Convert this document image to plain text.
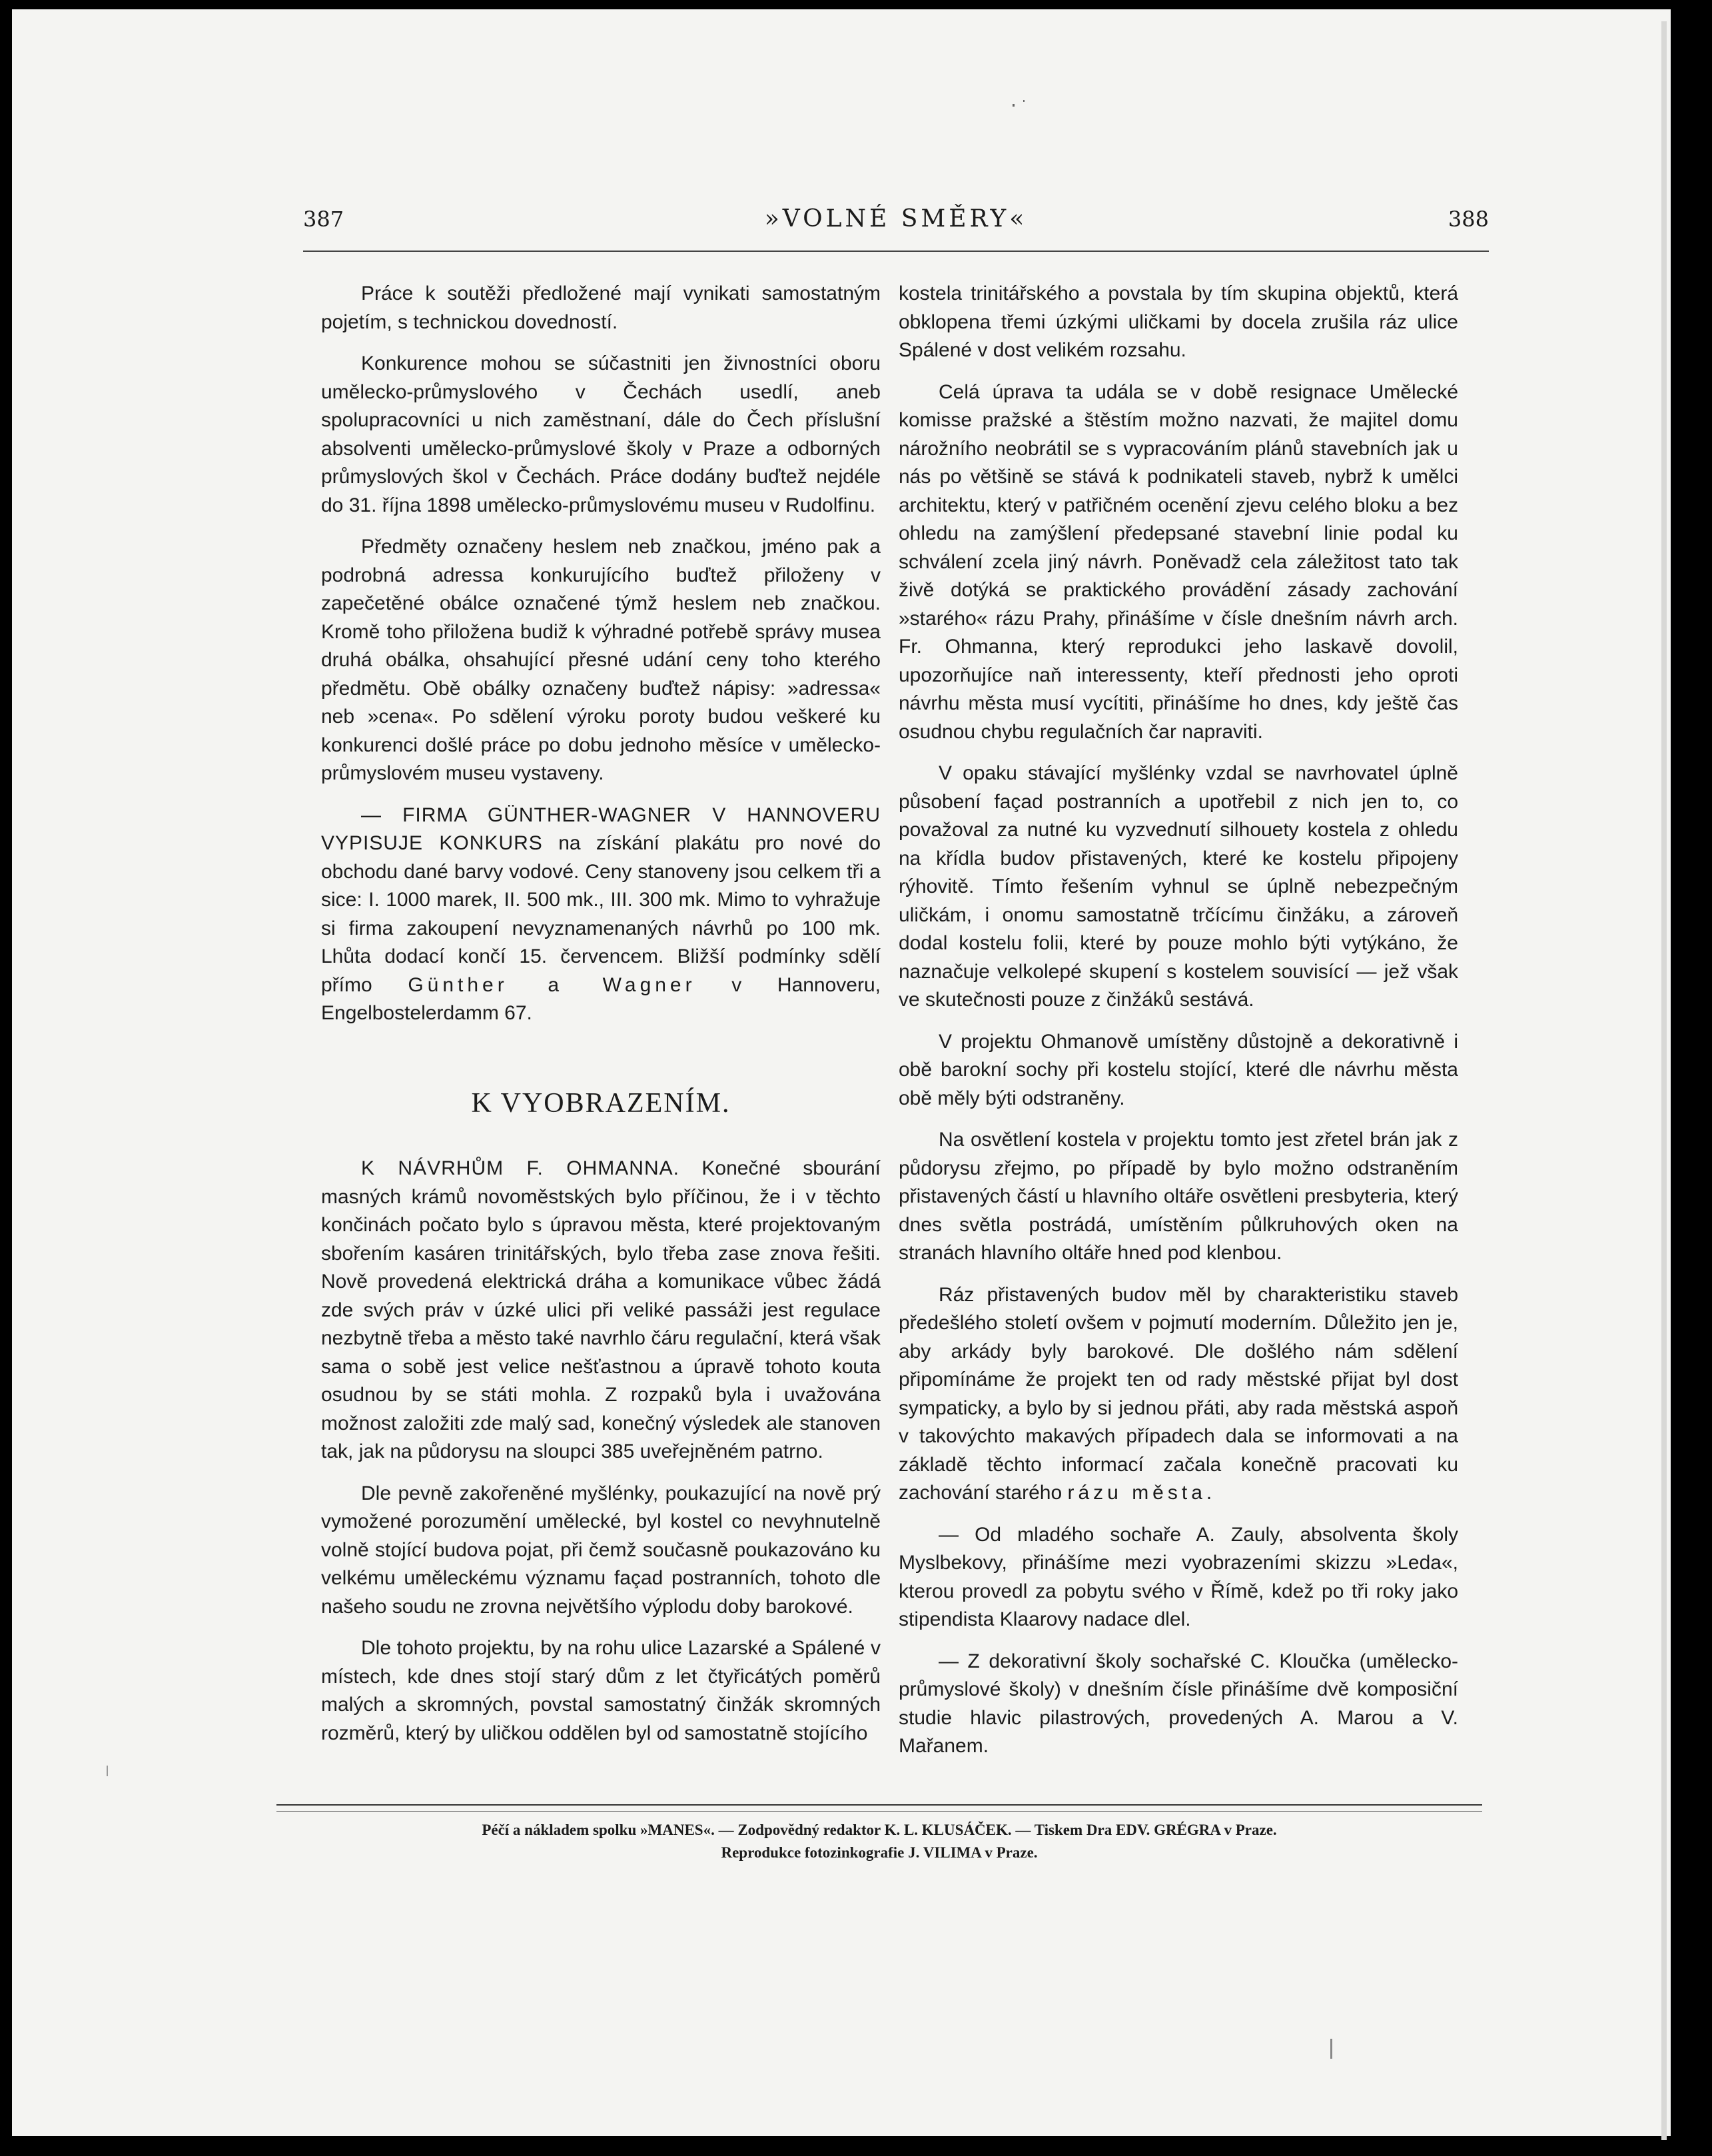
387	»VOLNÉ SMĚRY«	388

Práce k soutěži předložené mají vynikati samostatným pojetím, s technickou dovedností.

Konkurence mohou se súčastniti jen živnostníci oboru umělecko-průmyslového v Čechách usedlí, aneb spolupracovníci u nich zaměstnaní, dále do Čech příslušní absolventi umělecko-průmyslové školy v Praze a odborných průmyslových škol v Čechách. Práce dodány buďtež nejdéle do 31. října 1898 umělecko-průmyslovému museu v Rudolfinu.

Předměty označeny heslem neb značkou, jméno pak a podrobná adressa konkurujícího buďtež přiloženy v zapečetěné obálce označené týmž heslem neb značkou. Kromě toho přiložena budiž k výhradné potřebě správy musea druhá obálka, ohsahující přesné udání ceny toho kterého předmětu. Obě obálky označeny buďtež nápisy: »adressa« neb »cena«. Po sdělení výroku poroty budou veškeré ku konkurenci došlé práce po dobu jednoho měsíce v umělecko-průmyslovém museu vystaveny.

— FIRMA GÜNTHER-WAGNER V HANNOVERU VYPISUJE KONKURS na získání plakátu pro nové do obchodu dané barvy vodové. Ceny stanoveny jsou celkem tři a sice: I. 1000 marek, II. 500 mk., III. 300 mk. Mimo to vyhražuje si firma zakoupení nevyznamenaných návrhů po 100 mk. Lhůta dodací končí 15. červencem. Bližší podmínky sdělí přímo Günther a Wagner v Hannoveru, Engelbostelerdamm 67.

K VYOBRAZENÍM.

K NÁVRHŮM F. OHMANNA. Konečné sbourání masných krámů novoměstských bylo příčinou, že i v těchto končinách počato bylo s úpravou města, které projektovaným sbořením kasáren trinitářských, bylo třeba zase znova řešiti. Nově provedená elektrická dráha a komunikace vůbec žádá zde svých práv v úzké ulici při veliké passáži jest regulace nezbytně třeba a město také navrhlo čáru regulační, která však sama o sobě jest velice nešťastnou a úpravě tohoto kouta osudnou by se státi mohla. Z rozpaků byla i uvažována možnost založiti zde malý sad, konečný výsledek ale stanoven tak, jak na půdorysu na sloupci 385 uveřejněném patrno.

Dle pevně zakořeněné myšlénky, poukazující na nově prý vymožené porozumění umělecké, byl kostel co nevyhnutelně volně stojící budova pojat, při čemž současně poukazováno ku velkému uměleckému významu façad postranních, tohoto dle našeho soudu ne zrovna největšího výplodu doby barokové.

Dle tohoto projektu, by na rohu ulice Lazarské a Spálené v místech, kde dnes stojí starý dům z let čtyřicátých poměrů malých a skromných, povstal samostatný činžák skromných rozměrů, který by uličkou oddělen byl od samostatně stojícího

kostela trinitářského a povstala by tím skupina objektů, která obklopena třemi úzkými uličkami by docela zrušila ráz ulice Spálené v dost velikém rozsahu.

Celá úprava ta udála se v době resignace Umělecké komisse pražské a štěstím možno nazvati, že majitel domu nárožního neobrátil se s vypracováním plánů stavebních jak u nás po většině se stává k podnikateli staveb, nybrž k umělci architektu, který v patřičném ocenění zjevu celého bloku a bez ohledu na zamýšlení předepsané stavební linie podal ku schválení zcela jiný návrh. Poněvadž cela záležitost tato tak živě dotýká se praktického provádění zásady zachování »starého« rázu Prahy, přinášíme v čísle dnešním návrh arch. Fr. Ohmanna, který reprodukci jeho laskavě dovolil, upozorňujíce naň interessenty, kteří přednosti jeho oproti návrhu města musí vycítiti, přinášíme ho dnes, kdy ještě čas osudnou chybu regulačních čar napraviti.

V opaku stávající myšlénky vzdal se navrhovatel úplně působení façad postranních a upotřebil z nich jen to, co považoval za nutné ku vyzvednutí silhouety kostela z ohledu na křídla budov přistavených, které ke kostelu připojeny rýhovitě. Tímto řešením vyhnul se úplně nebezpečným uličkám, i onomu samostatně trčícímu činžáku, a zároveň dodal kostelu folii, které by pouze mohlo býti vytýkáno, že naznačuje velkolepé skupení s kostelem souvisící — jež však ve skutečnosti pouze z činžáků sestává.

V projektu Ohmanově umístěny důstojně a dekorativně i obě barokní sochy při kostelu stojící, které dle návrhu města obě měly býti odstraněny.

Na osvětlení kostela v projektu tomto jest zřetel brán jak z půdorysu zřejmo, po případě by bylo možno odstraněním přistavených částí u hlavního oltáře osvětleni presbyteria, který dnes světla postrádá, umístěním půlkruhových oken na stranách hlavního oltáře hned pod klenbou.

Ráz přistavených budov měl by charakteristiku staveb předešlého století ovšem v pojmutí moderním. Důležito jen je, aby arkády byly barokové. Dle došlého nám sdělení připomínáme že projekt ten od rady městské přijat byl dost sympaticky, a bylo by si jednou přáti, aby rada městská aspoň v takovýchto makavých případech dala se informovati a na základě těchto informací začala konečně pracovati ku zachování starého rázu města.

— Od mladého sochaře A. Zauly, absolventa školy Myslbekovy, přinášíme mezi vyobrazeními skizzu »Leda«, kterou provedl za pobytu svého v Římě, kdež po tři roky jako stipendista Klaarovy nadace dlel.

— Z dekorativní školy sochařské C. Kloučka (umělecko-průmyslové školy) v dnešním čísle přinášíme dvě komposiční studie hlavic pilastrových, provedených A. Marou a V. Mařanem.

Péčí a nákladem spolku »MANES«. — Zodpovědný redaktor K. L. KLUSÁČEK. — Tiskem Dra EDV. GRÉGRA v Praze.
Reprodukce fotozinkografie J. VILIMA v Praze.
